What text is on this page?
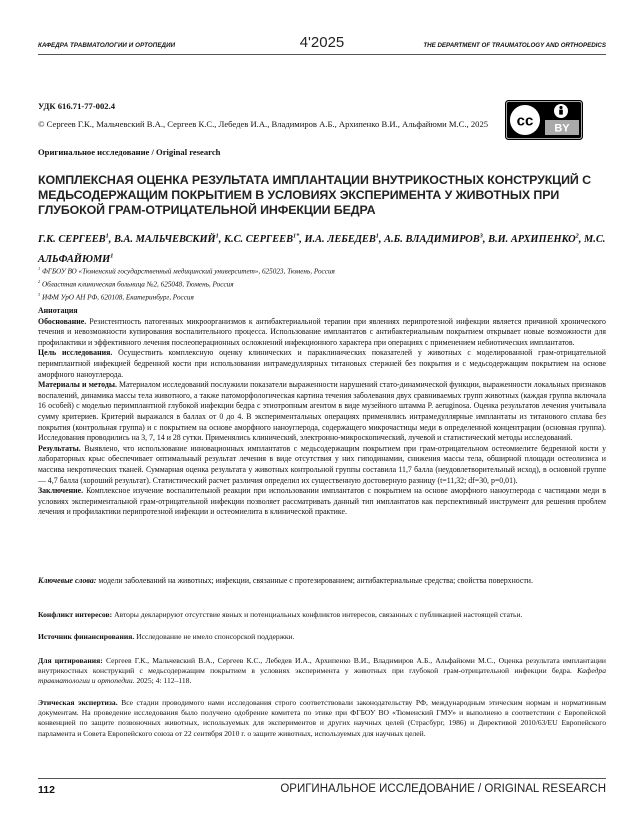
КАФЕДРА ТРАВМАТОЛОГИИ И ОРТОПЕДИИ	4'2025	THE DEPARTMENT OF TRAUMATOLOGY AND ORTHOPEDICS
УДК 616.71-77-002.4
© Сергеев Г.К., Мальчевский В.А., Сергеев К.С., Лебедев И.А., Владимиров А.Б., Архипенко В.И., Альфайюми М.С., 2025
Оригинальное исследование / Original research
cc BY
КОМПЛЕКСНАЯ ОЦЕНКА РЕЗУЛЬТАТА ИМПЛАНТАЦИИ ВНУТРИКОСТНЫХ КОНСТРУКЦИЙ С МЕДЬСОДЕРЖАЩИМ ПОКРЫТИЕМ В УСЛОВИЯХ ЭКСПЕРИМЕНТА У ЖИВОТНЫХ ПРИ ГЛУБОКОЙ ГРАМ-ОТРИЦАТЕЛЬНОЙ ИНФЕКЦИИ БЕДРА
Г.К. СЕРГЕЕВ$^1$, В.А. МАЛЬЧЕВСКИЙ$^1$, К.С. $СЕРГЕЕВ^{1*}$, И.А. ЛЕБЕДЕВ$^1$, А.Б. ВЛАДИМИРОВ$^3$, В.И. АРХИПЕНКО$^2$, М.С. АЛЬФАЙЮМИ$^1$
$^1$ ФГБОУ ВО «Тюменский государственный медицинский университет», 625023, Тюмень, Россия
$^2$ Областная клиническая больница №2, 625048, Тюмень, Россия
$^3$ ИФМ УрО АН РФ, 620108, Екатеринбург, Россия

Аннотация

Обоснование. Резистентность патогенных микроорганизмов к антибактериальной терапии при явлениях перипротезной инфекции является причиной хронического течения и невозможности купирования воспалительного процесса. Использование имплантатов с антибактериальным покрытием открывает новые возможности для профилактики и эффективного лечения послеоперационных осложнений инфекционного характера при операциях с применением небиотических имплантатов.

Цель исследования. Осуществить комплексную оценку клинических и параклинических показателей у животных с моделированной грам-отрицательной перимплантной инфекцией бедренной кости при использовании интрамедуллярных титановых стержней без покрытия и с медьсодержащим покрытием на основе аморфного наноуглерода.

Материалы и методы. Материалом исследований послужили показатели выраженности нарушений стато-динамической функции, выраженности локальных признаков воспалений, динамика массы тела животного, а также патоморфологическая картина течения заболевания двух сравниваемых групп животных (каждая группа включала 16 особей) с моделью перимплантной глубокой инфекции бедра с этиотропным агентом в виде музейного штамма P. aeruginosa. Оценка результатов лечения учитывала сумму критериев. Критерий выражался в баллах от 0 до 4. В экспериментальных операциях применялись интрамедуллярные имплантаты из титанового сплава без покрытия (контрольная группа) и с покрытием на основе аморфного наноуглерода, содержащего микрочастицы меди в определенной концентрации (основная группа). Исследования проводились на 3, 7, 14 и 28 сутки. Применялись клинический, электронно-микроскопический, лучевой и статистический методы исследований.

Результаты. Выявлено, что использование инновационных имплантатов с медьсодержащим покрытием при грам-отрицательном остеомиелите бедренной кости у лабораторных крыс обеспечивает оптимальный результат лечения в виде отсутствия у них гиподинамии, снижения массы тела, обширной площади остеолизиса и массива некротических тканей. Суммарная оценка результата у животных контрольной группы составила 11,7 балла (неудовлетворительный исход), в основной группе — 4,7 балла (хороший результат). Статистический расчет различия определил их существенную достоверную разницу (t=11,32; df=30, p=0,01).

Заключение. Комплексное изучение воспалительной реакции при использовании имплантатов с покрытием на основе аморфного наноуглерода с частицами меди в условиях экспериментальной грам-отрицательной инфекции позволяет рассматривать данный тип имплантатов как перспективный инструмент для решения проблем лечения и профилактики перипротезной инфекции и остеомиелита в клинической практике.

Ключевые слова: модели заболеваний на животных; инфекции, связанные с протезированием; антибактериальные средства; свойства поверхности.
Конфликт интересов: Авторы декларируют отсутствие явных и потенциальных конфликтов интересов, связанных с публикацией настоящей статьи.
Источник финансирования. Исследование не имело спонсорской поддержки.
Для цитирования: Сергеев Г.К., Мальчевский В.А., Сергеев К.С., Лебедев И.А., Архипенко В.И., Владимиров А.Б., Альфайюми М.С., Оценка результата имплантации внутрикостных конструкций с медьсодержащим покрытием в условиях эксперимента у животных при глубокой грам-отрицательной инфекции бедра. Кафедра травматологии и ортопедии. 2025; 4: 112–118.
Этическая экспертиза. Все стадии проводимого нами исследования строго соответствовали законодательству РФ, международным этическим нормам и нормативным документам. На проведение исследования было получено одобрение комитета по этике при ФГБОУ ВО «Тюменский ГМУ» и выполнено в соответствии с Европейской конвенцией по защите позвоночных животных, используемых для экспериментов и других научных целей (Страсбург, 1986) и Директивой 2010/63/EU Европейского парламента и Совета Европейского союза от 22 сентября 2010 г. о защите животных, используемых для научных целей.
112	ОРИГИНАЛЬНОЕ ИССЛЕДОВАНИЕ / ORIGINAL RESEARCH
